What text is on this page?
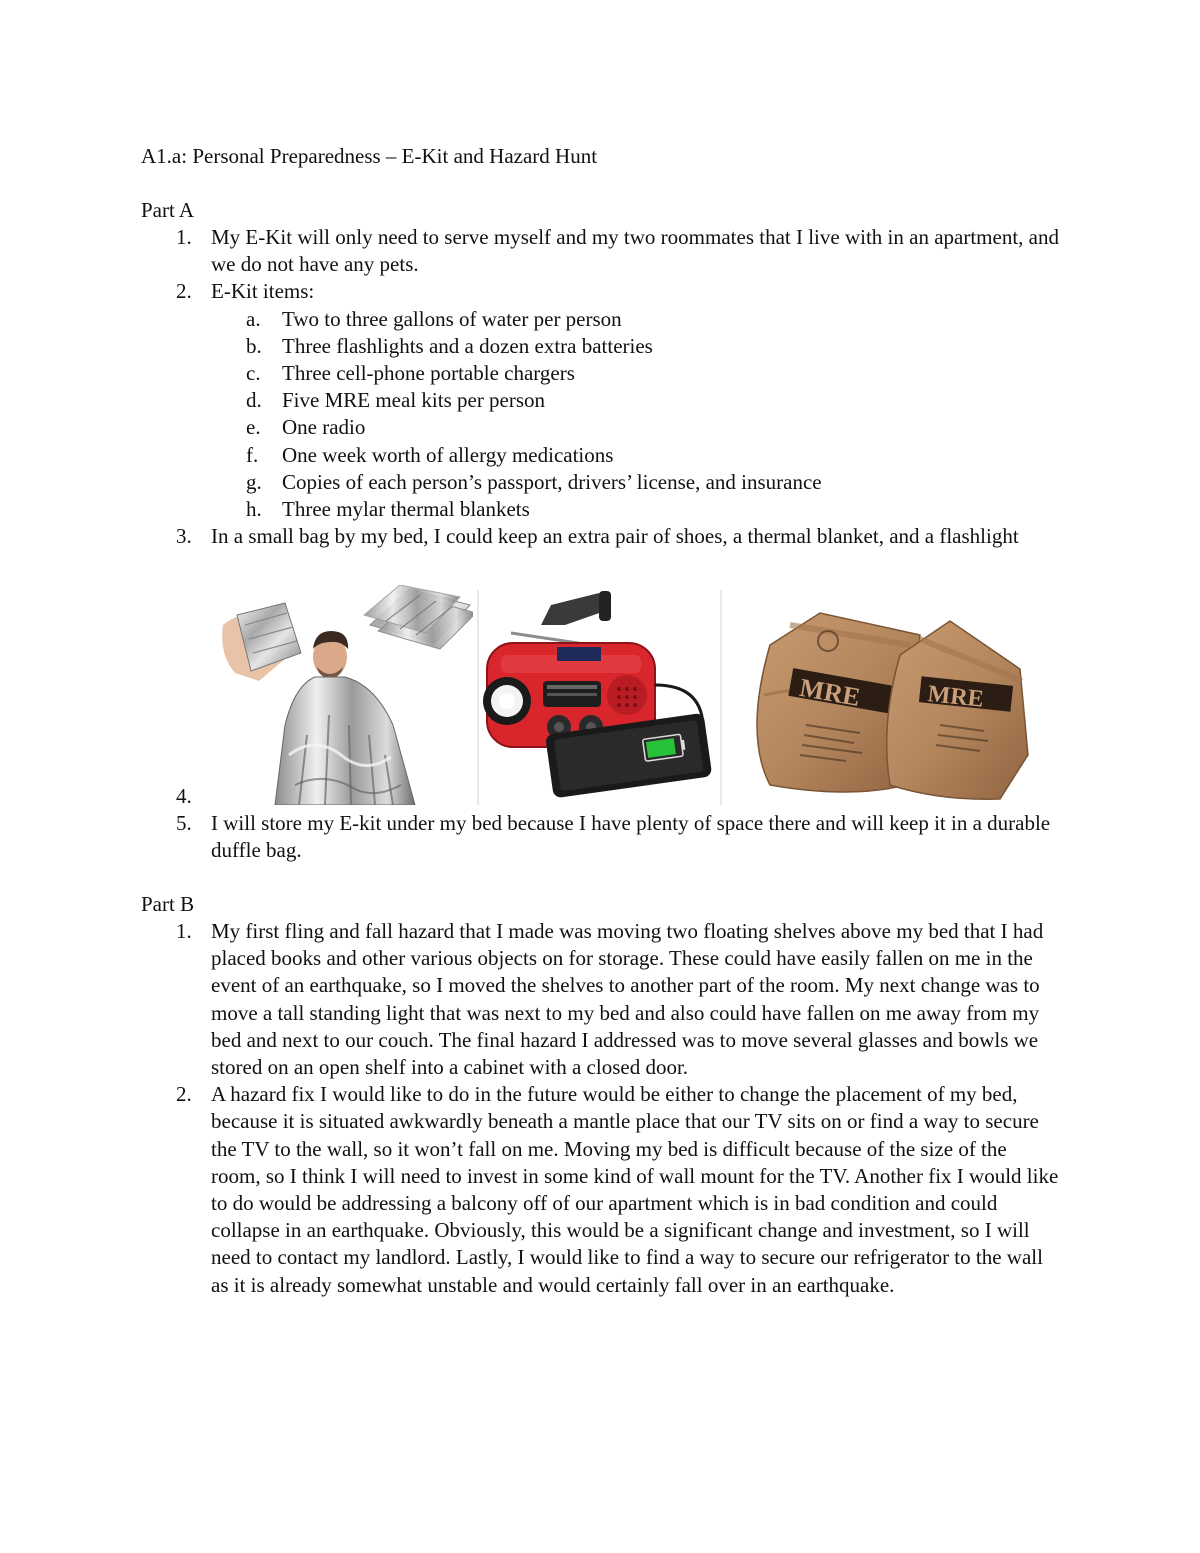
A1.a: Personal Preparedness – E-Kit and Hazard Hunt
Part A
1. My E-Kit will only need to serve myself and my two roommates that I live with in an apartment, and we do not have any pets.
2. E-Kit items:
a. Two to three gallons of water per person
b. Three flashlights and a dozen extra batteries
c. Three cell-phone portable chargers
d. Five MRE meal kits per person
e. One radio
f. One week worth of allergy medications
g. Copies of each person’s passport, drivers’ license, and insurance
h. Three mylar thermal blankets
3. In a small bag by my bed, I could keep an extra pair of shoes, a thermal blanket, and a flashlight
4.

5. I will store my E-kit under my bed because I have plenty of space there and will keep it in a durable duffle bag.
MRE	MRE
Part B
1. My first fling and fall hazard that I made was moving two floating shelves above my bed that I had placed books and other various objects on for storage. These could have easily fallen on me in the event of an earthquake, so I moved the shelves to another part of the room. My next change was to move a tall standing light that was next to my bed and also could have fallen on me away from my bed and next to our couch. The final hazard I addressed was to move several glasses and bowls we stored on an open shelf into a cabinet with a closed door.
2. A hazard fix I would like to do in the future would be either to change the placement of my bed, because it is situated awkwardly beneath a mantle place that our TV sits on or find a way to secure the TV to the wall, so it won’t fall on me. Moving my bed is difficult because of the size of the room, so I think I will need to invest in some kind of wall mount for the TV. Another fix I would like to do would be addressing a balcony off of our apartment which is in bad condition and could collapse in an earthquake. Obviously, this would be a significant change and investment, so I will need to contact my landlord. Lastly, I would like to find a way to secure our refrigerator to the wall as it is already somewhat unstable and would certainly fall over in an earthquake.
